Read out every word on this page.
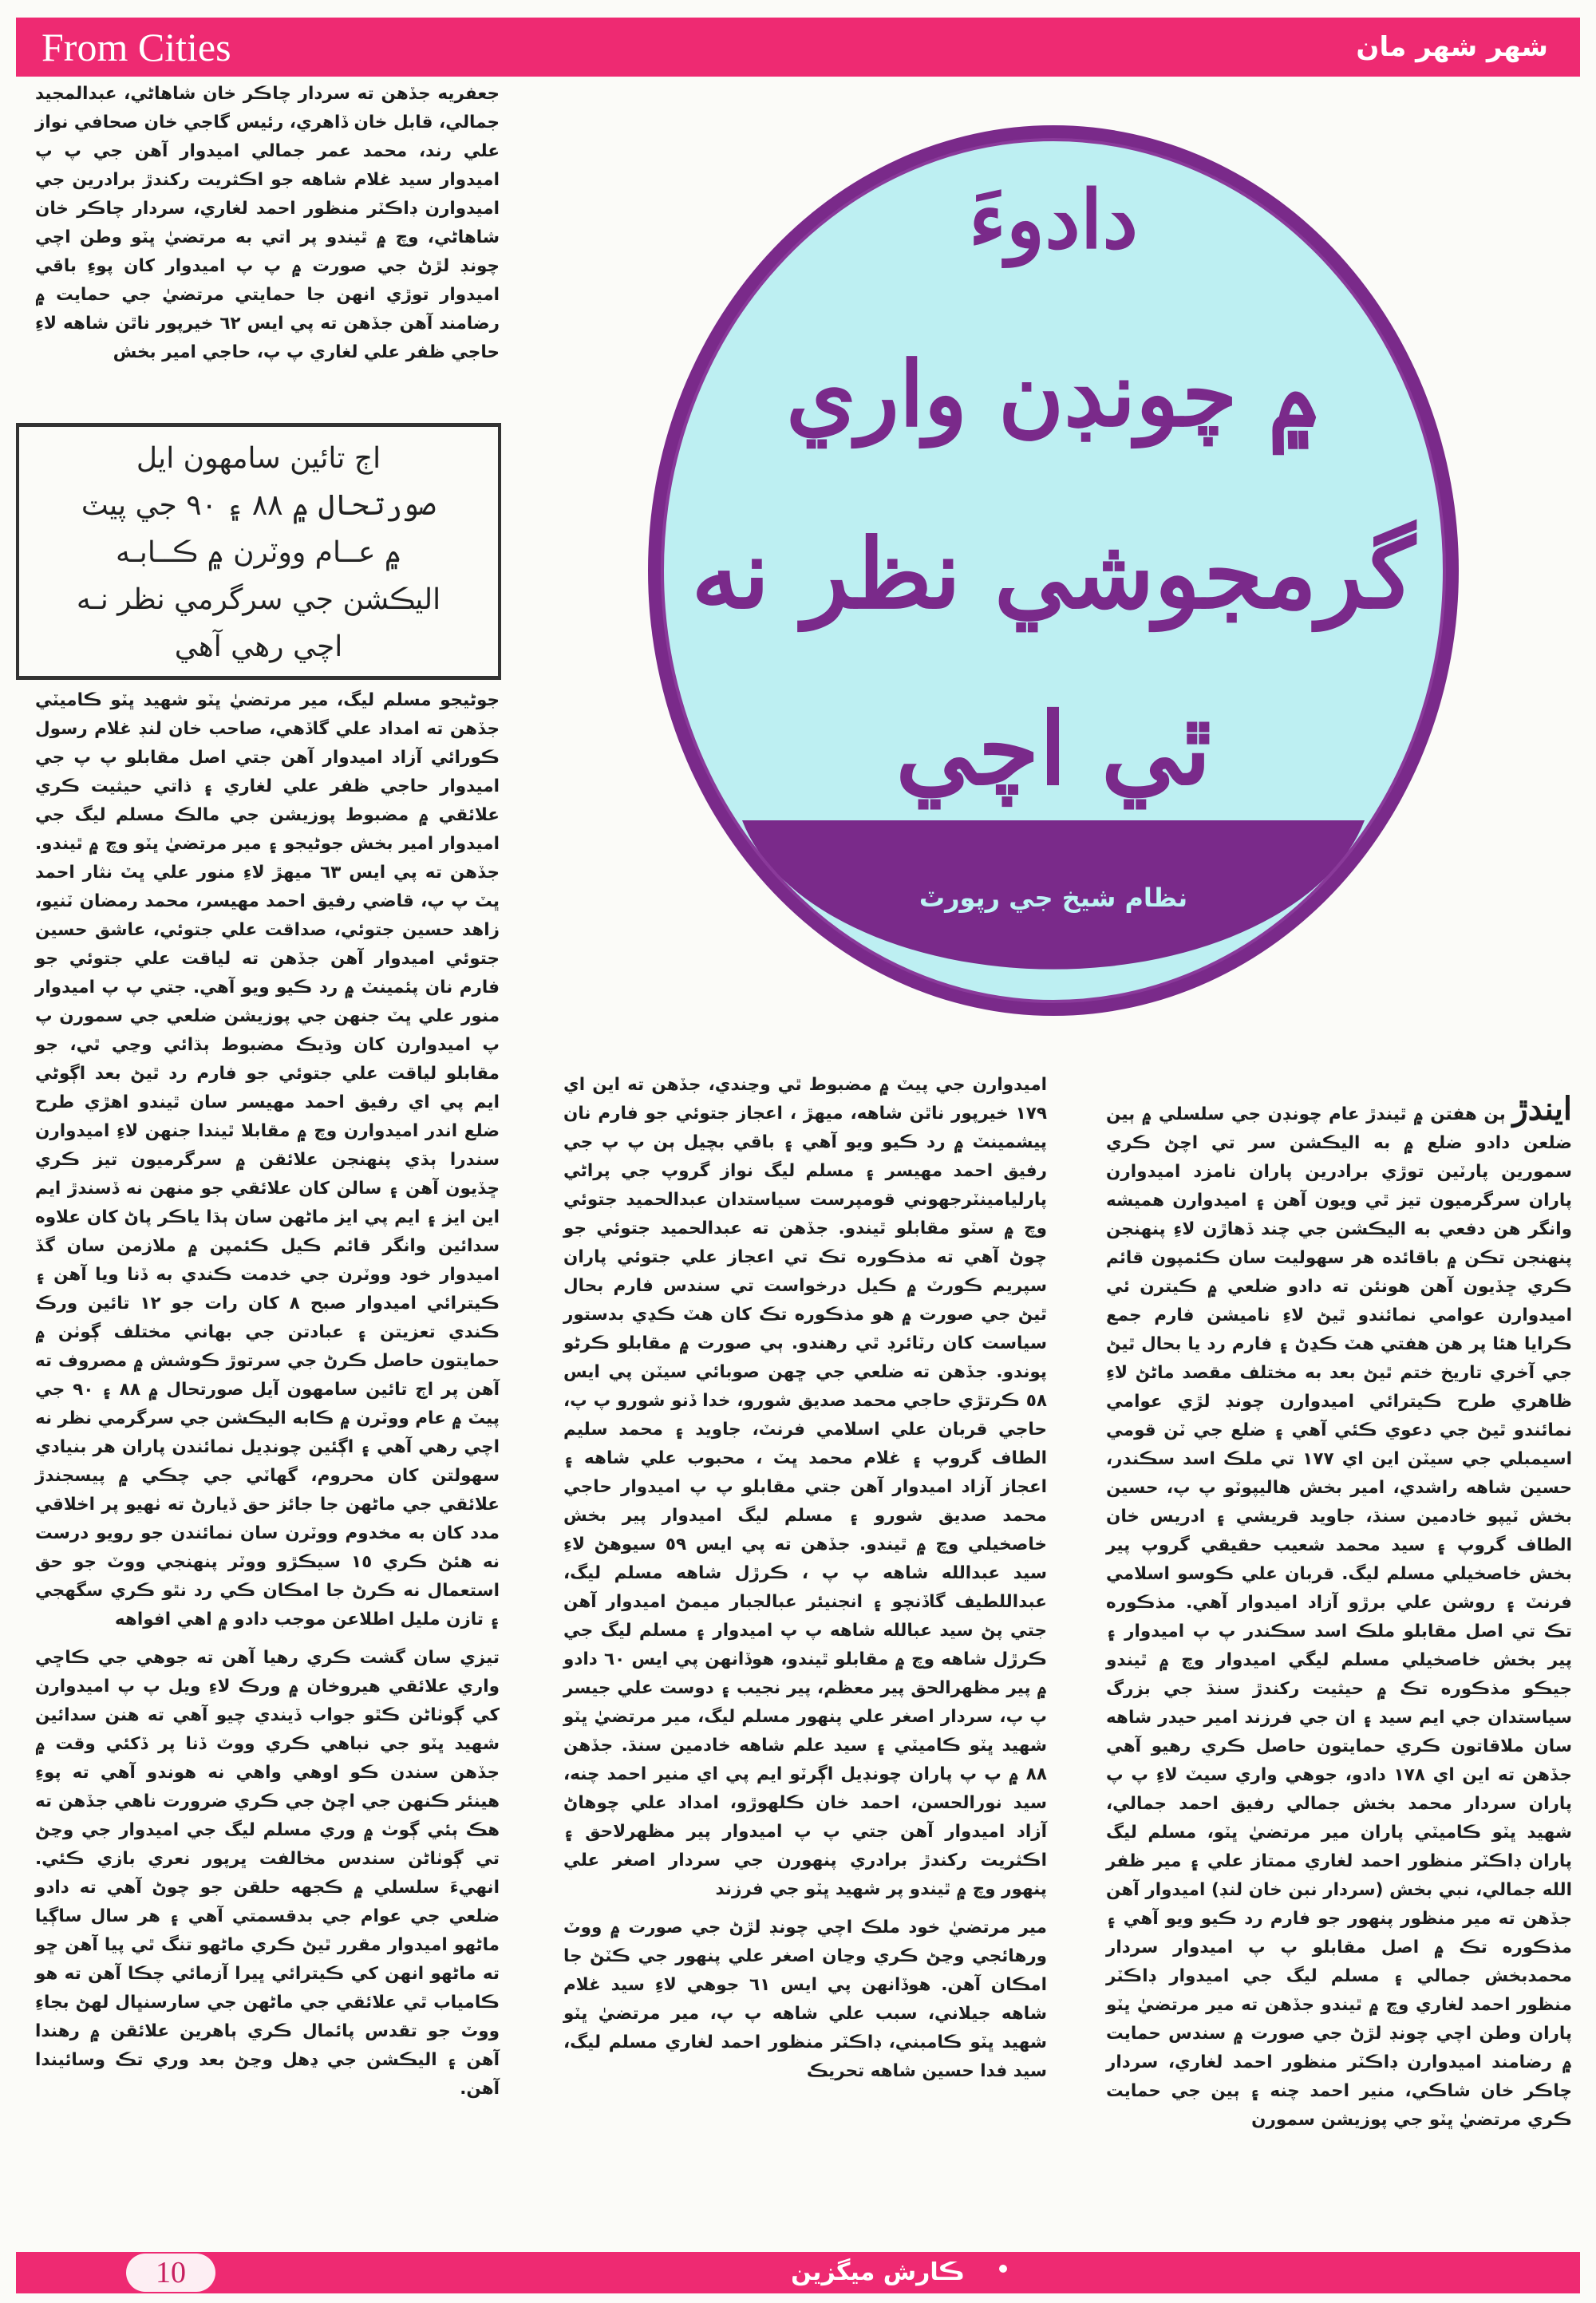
From Cities	شهر شهر مان

جعفريه جڏهن ته سردار چاڪر خان شاهاڻي، عبدالمجيد جمالي، قابل خان ڏاهري، رئيس گاجي خان صحافي نواز علي رند، محمد عمر جمالي اميدوار آهن جي پ پ اميدوار سيد غلام شاهه جو اڪثريت رکندڙ برادرين جي اميدوارن ڊاڪٽر منظور احمد لغاري، سردار چاڪر خان شاهاڻي، وچ ۾ ٿيندو پر اتي به مرتضيٰ ڀٽو وطن اچي چونڊ لڙڻ جي صورت ۾ پ پ اميدوار کان پوءِ باقي اميدوار توڙي انهن جا حمايتي مرتضيٰ جي حمايت ۾ رضامند آهن جڏهن ته پي ايس ٦٢ خيرپور ناٿن شاهه لاءِ حاجي ظفر علي لغاري پ پ، حاجي امير بخش

اڄ تائين سامهون ايل
صورتحال ۾ ٨٨ ۽ ٩٠ جي پيٽ
۾ عــام ووٽرن ۾ ڪــابـه
اليڪشن جي سرگرمي نظر نـه
اچي رهي آهي

جوڻيجو مسلم ليگ، مير مرتضيٰ ڀٽو شهيد ڀٽو ڪاميٽي جڏهن ته امداد علي گاڏهي، صاحب خان لنڊ غلام رسول ڪورائي آزاد اميدوار آهن جتي اصل مقابلو پ پ جي اميدوار حاجي ظفر علي لغاري ۽ ذاتي حيثيت ڪري علائقي ۾ مضبوط پوزيشن جي مالڪ مسلم ليگ جي اميدوار امير بخش جوڻيجو ۽ مير مرتضيٰ ڀٽو وچ ۾ ٿيندو. جڏهن ته پي ايس ٦٣ ميهڙ لاءِ منور علي ڀٽ نثار احمد ڀٽ پ پ، قاضي رفيق احمد مهيسر، محمد رمضان ٽنيو، زاهد حسين جتوئي، صداقت علي جتوئي، عاشق حسين جتوئي اميدوار آهن جڏهن ته لياقت علي جتوئي جو فارم نان پئمينٽ ۾ رد ڪيو ويو آهي. جتي پ پ اميدوار منور علي ڀٽ جنهن جي پوزيشن ضلعي جي سمورن پ پ اميدوارن کان وڌيڪ مضبوط ٻڌائي وڃي ٿي، جو مقابلو لياقت علي جتوئي جو فارم رد ٿيڻ بعد اڳوڻي ايم پي اي رفيق احمد مهيسر سان ٿيندو اهڙي طرح ضلع اندر اميدوارن وچ ۾ مقابلا ٿيندا جنهن لاءِ اميدوارن سندرا ٻڌي پنهنجن علائقن ۾ سرگرميون تيز ڪري ڇڏيون آهن ۽ سالن کان علائقي جو منهن نه ڏسندڙ ايم اين ايز ۽ ايم پي ايز ماڻهن سان ٻڌا ياڪر پاڻ کان علاوه سدائين وانگر قائم ڪيل ڪئمپن ۾ ملازمن سان گڏ اميدوار خود ووٽرن جي خدمت ڪندي به ڏنا ويا آهن ۽ ڪيترائي اميدوار صبح ٨ کان رات جو ١٢ تائين ورڪ ڪندي تعزيتن ۽ عبادتن جي بهاني مختلف ڳوٺن ۾ حمايتون حاصل ڪرڻ جي سرتوڙ ڪوشش ۾ مصروف ته آهن پر اڄ تائين سامهون آيل صورتحال ۾ ٨٨ ۽ ٩٠ جي پيٽ ۾ عام ووٽرن ۾ ڪابه اليڪشن جي سرگرمي نظر نه اچي رهي آهي ۽ اڳئين چونڊيل نمائندن پاران هر بنيادي سهولتن کان محروم، گهاٽي جي چڪي ۾ پيسجندڙ علائقي جي ماڻهن جا جائز حق ڏيارڻ ته ٺهيو پر اخلاقي مدد کان به مخدوم ووٽرن سان نمائندن جو رويو درست نه هئڻ ڪري ١٥ سيڪڙو ووٽر پنهنجي ووٽ جو حق استعمال نه ڪرڻ جا امڪان ڪي رد نٿو ڪري سگهجي ۽ تازن مليل اطلاعن موجب دادو ۾ اهي افواهه

تيزي سان گشت ڪري رهيا آهن ته جوهي جي ڪاڇي واري علائقي هيروخان ۾ ورڪ لاءِ ويل پ پ اميدوارن کي ڳوٺاڻن ڪٿو جواب ڏيندي چيو آهي ته هنن سدائين شهيد ڀٽو جي نباهي ڪري ووٽ ڏنا پر ڏکئي وقت ۾ جڏهن سندن ڪو اوهي واهي نه هوندو آهي ته پوءِ هينئر ڪنهن جي اچڻ جي ڪري ضرورت ناهي جڏهن ته هڪ ٻئي ڳوٺ ۾ وري مسلم ليگ جي اميدوار جي وڃڻ تي ڳوٺاڻن سندس مخالفت ڀرپور نعري بازي ڪئي. انهيءَ سلسلي ۾ ڪجهه حلقن جو چوڻ آهي ته دادو ضلعي جي عوام جي بدقسمتي آهي ۽ هر سال ساڳيا ماڻهو اميدوار مقرر ٿيڻ ڪري ماڻهو تنگ ٿي پيا آهن ڇو ته ماڻهو انهن کي ڪيترائي ڀيرا آزمائي چڪا آهن ته هو ڪامياب ٿي علائقي جي ماڻهن جي سارسنڀال لهڻ بجاءِ ووٽ جو تقدس پائمال ڪري ٻاهرين علائقن ۾ رهندا آهن ۽ اليڪشن جي ڍهل وڃڻ بعد وري تڪ وسائيندا آهن.

دادوءَ
۾ چونڊن واري
گرمجوشي نظر نه
ٿي اچي
نظام شيخ جي رپورٽ

اميدوارن جي پيٽ ۾ مضبوط ٿي وڃندي، جڏهن ته اين اي ١٧٩ خيرپور ناٿن شاهه، ميهڙ ، اعجاز جتوئي جو فارم نان پيشمينٽ ۾ رد ڪيو ويو آهي ۽ باقي بچيل ٻن پ پ جي رفيق احمد مهيسر ۽ مسلم ليگ نواز گروپ جي پراڻي پارليامينٽرجهوني قومپرست سياستدان عبدالحميد جتوئي وچ ۾ سٽو مقابلو ٿيندو. جڏهن ته عبدالحميد جتوئي جو چوڻ آهي ته مذڪوره تڪ تي اعجاز علي جتوئي پاران سپريم ڪورٽ ۾ ڪيل درخواست تي سندس فارم بحال ٿيڻ جي صورت ۾ هو مذڪوره تڪ کان هٽ ڪڍي بدستور سياست کان رٽائرڊ ٿي رهندو. ٻي صورت ۾ مقابلو ڪرڻو پوندو. جڏهن ته ضلعي جي ڇهن صوبائي سيٽن پي ايس ٥٨ ڪرتڙي حاجي محمد صديق شورو، خدا ڏنو شورو پ پ، حاجي قربان علي اسلامي فرنٽ، جاويد ۽ محمد سليم الطاف گروپ ۽ غلام محمد ڀٽ ، محبوب علي شاهه ۽ اعجاز آزاد اميدوار آهن جتي مقابلو پ پ اميدوار حاجي محمد صديق شورو ۽ مسلم ليگ اميدوار پير بخش خاصخيلي وچ ۾ ٿيندو. جڏهن ته پي ايس ٥٩ سيوهڻ لاءِ سيد عبدالله شاهه پ پ ، ڪرڙل شاهه مسلم ليگ، عبداللطيف گاڏنچو ۽ انجنيئر عبالجبار ميمڻ اميدوار آهن جتي پڻ سيد عبالله شاهه پ پ اميدوار ۽ مسلم ليگ جي ڪرڙل شاهه وچ ۾ مقابلو ٿيندو، هوڏانهن پي ايس ٦٠ دادو ۾ پير مظهرالحق پير معظم، پير نجيب ۽ دوست علي جيسر پ پ، سردار اصغر علي پنهور مسلم ليگ، مير مرتضيٰ ڀٽو شهيد ڀٽو ڪاميٽي ۽ سيد علم شاهه خادمين سنڌ. جڏهن ٨٨ ۾ پ پ پاران چونڊيل اڳرٽو ايم پي اي منير احمد چنه، سيد نورالحسن، احمد خان ڪلهوڙو، امداد علي چوهاڻ آزاد اميدوار آهن جتي پ پ اميدوار پير مظهرلاحق ۽ اڪثريت رکندڙ برادري پنهورن جي سردار اصغر علي پنهور وچ ۾ ٿيندو پر شهيد ڀٽو جي فرزند

مير مرتضيٰ خود ملڪ اچي چونڊ لڙڻ جي صورت ۾ ووٽ ورهائجي وڃڻ ڪري وڃان اصغر علي پنهور جي ڪٽڻ جا امڪان آهن. هوڏانهن پي ايس ٦١ جوهي لاءِ سيد غلام شاهه جيلاني، سبب علي شاهه پ پ، مير مرتضيٰ ڀٽو شهيد ڀٽو ڪامبني، ڊاڪٽر منظور احمد لغاري مسلم ليگ، سيد فدا حسين شاهه تحريڪ

ايندڙ ٻن هفتن ۾ ٿيندڙ عام چونڊن جي سلسلي ۾ ٻين ضلعن دادو ضلع ۾ به اليڪشن سر تي اچڻ ڪري سمورين پارٽين توڙي برادرين پاران نامزد اميدوارن پاران سرگرميون تيز ٿي ويون آهن ۽ اميدوارن هميشه وانگر هن دفعي به اليڪشن جي چند ڏهاڙن لاءِ پنهنجن پنهنجن تڪن ۾ باقائده هر سهوليت سان ڪئمپون قائم ڪري ڇڏيون آهن هونئن ته دادو ضلعي ۾ ڪيترن ئي اميدوارن عوامي نمائندو ٿيڻ لاءِ ناميشن فارم جمع ڪرايا هئا پر هن هفتي هٽ ڪڍڻ ۽ فارم رد يا بحال ٿيڻ جي آخري تاريخ ختم ٿيڻ بعد به مختلف مقصد ماڻڻ لاءِ ظاهري طرح ڪيترائي اميدوارن چونڊ لڙي عوامي نمائندو ٿيڻ جي دعوي ڪئي آهي ۽ ضلع جي ٽن قومي اسيمبلي جي سيٽن اين اي ١٧٧ تي ملڪ اسد سڪندر، حسين شاهه راشدي، امير بخش هاليپوٽو پ پ، حسين بخش ٽيپو خادمين سنڌ، جاويد قريشي ۽ ادريس خان الطاف گروپ ۽ سيد محمد شعيب حقيقي گروپ پير بخش خاصخيلي مسلم ليگ. قربان علي ڪوسو اسلامي فرنٽ ۽ روشن علي برڙو آزاد اميدوار آهي. مذڪوره تڪ تي اصل مقابلو ملڪ اسد سڪندر پ پ اميدوار ۽ پير بخش خاصخيلي مسلم ليگي اميدوار وچ ۾ ٿيندو جيڪو مذڪوره تڪ ۾ حيثيت رکندڙ سنڌ جي بزرگ سياستدان جي ايم سيد ۽ ان جي فرزند امير حيدر شاهه سان ملاقاتون ڪري حمايتون حاصل ڪري رهيو آهي جڏهن ته اين اي ١٧٨ دادو، جوهي واري سيٽ لاءِ پ پ پاران سردار محمد بخش جمالي رفيق احمد جمالي، شهيد ڀٽو ڪاميٽي پاران مير مرتضيٰ ڀٽو، مسلم ليگ پاران ڊاڪٽر منظور احمد لغاري ممتاز علي ۽ مير ظفر الله جمالي، نبي بخش (سردار نبن خان لنڊ) اميدوار آهن جڏهن ته مير منظور پنهور جو فارم رد ڪيو ويو آهي ۽ مذڪوره تڪ ۾ اصل مقابلو پ پ اميدوار سردار محمدبخش جمالي ۽ مسلم ليگ جي اميدوار ڊاڪٽر منظور احمد لغاري وچ ۾ ٿيندو جڏهن ته مير مرتضيٰ ڀٽو پاران وطن اچي چونڊ لڙڻ جي صورت ۾ سندس حمايت ۾ رضامند اميدوارن ڊاڪٽر منظور احمد لغاري، سردار چاڪر خان شاڪي، منير احمد چنه ۽ ٻين جي حمايت ڪري مرتضيٰ ڀٽو جي پوزيشن سمورن

10	ڪارش ميگزين
